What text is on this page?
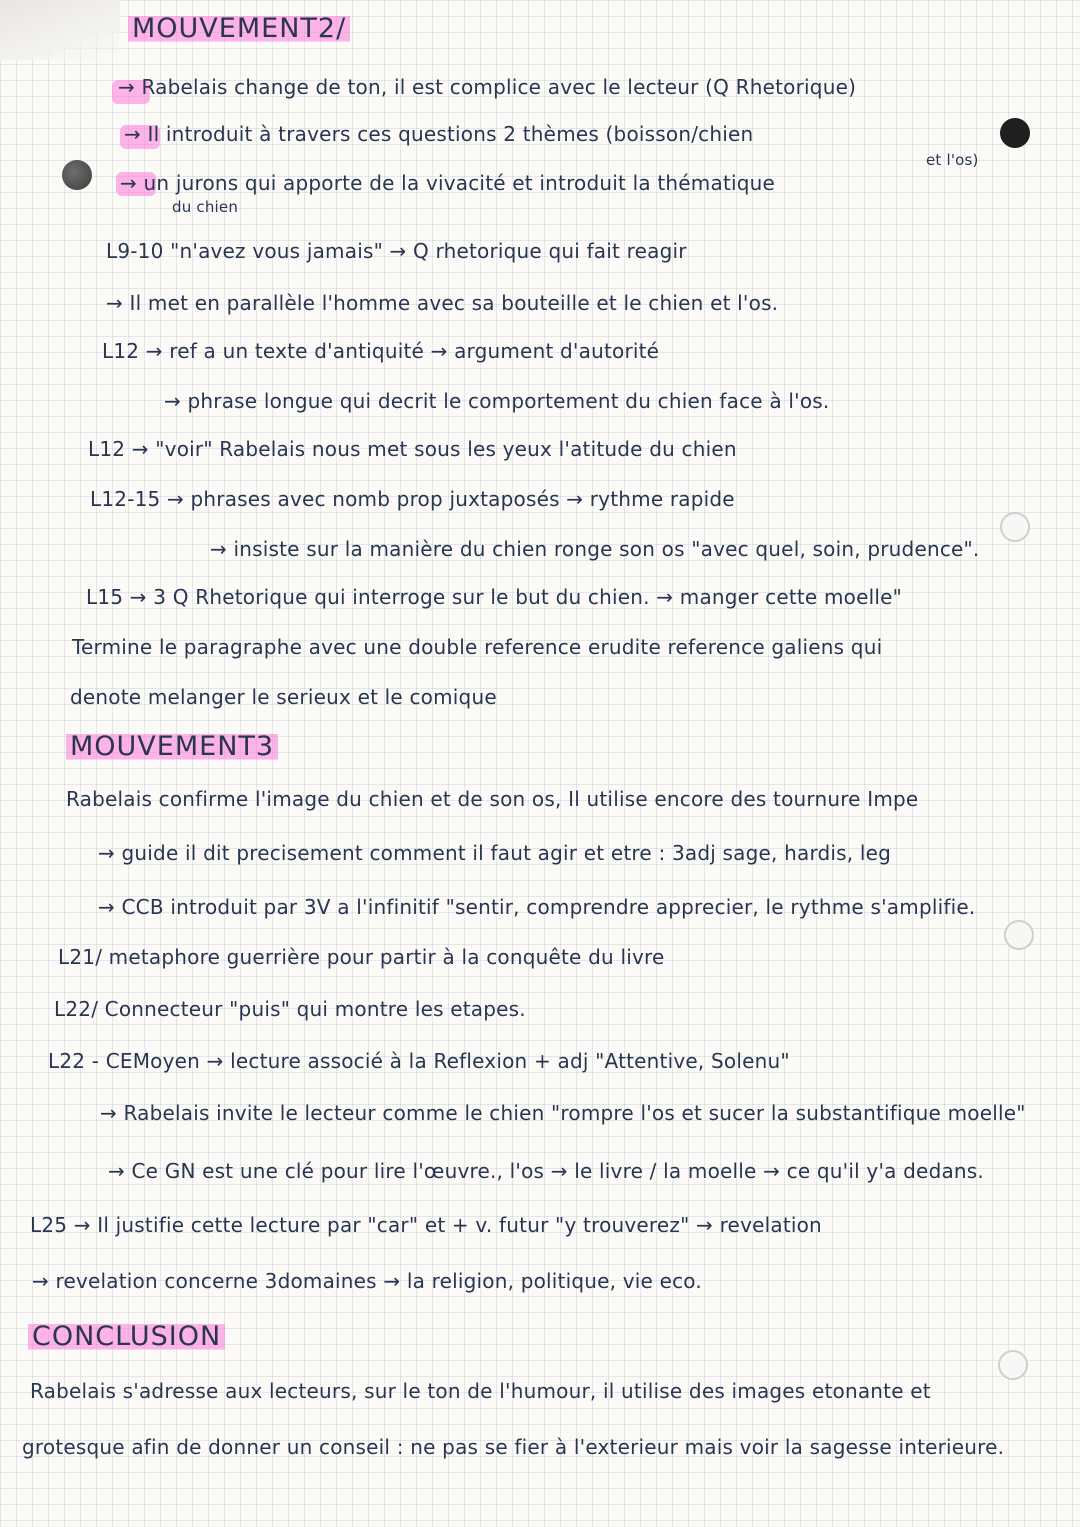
MOUVEMENT2/
→ Rabelais change de ton, il est complice avec le lecteur (Q Rhetorique)
→ Il introduit à travers ces questions 2 thèmes (boisson/chien
et l'os)
→ un jurons qui apporte de la vivacité et introduit la thématique
du chien
L9-10 "n'avez vous jamais" → Q rhetorique qui fait reagir
→ Il met en parallèle l'homme avec sa bouteille et le chien et l'os.
L12 → ref a un texte d'antiquité → argument d'autorité
→ phrase longue qui decrit le comportement du chien face à l'os.
L12 → "voir" Rabelais nous met sous les yeux l'atitude du chien
L12-15 → phrases avec nomb prop juxtaposés → rythme rapide
→ insiste sur la manière du chien ronge son os "avec quel, soin, prudence".
L15 → 3 Q Rhetorique qui interroge sur le but du chien. → manger cette moelle"
Termine le paragraphe avec une double reference erudite reference galiens qui
denote melanger le serieux et le comique
MOUVEMENT3
Rabelais confirme l'image du chien et de son os, Il utilise encore des tournure Impe
→ guide il dit precisement comment il faut agir et etre : 3adj sage, hardis, leg
→ CCB introduit par 3V a l'infinitif "sentir, comprendre apprecier, le rythme s'amplifie.
L21/ metaphore guerrière pour partir à la conquête du livre
L22/ Connecteur "puis" qui montre les etapes.
L22 - CEMoyen → lecture associé à la Reflexion + adj "Attentive, Solenu"
→ Rabelais invite le lecteur comme le chien "rompre l'os et sucer la substantifique moelle"
→ Ce GN est une clé pour lire l'œuvre., l'os → le livre / la moelle → ce qu'il y'a dedans.
L25 → Il justifie cette lecture par "car" et + v. futur "y trouverez" → revelation
→ revelation concerne 3domaines → la religion, politique, vie eco.
CONCLUSION
Rabelais s'adresse aux lecteurs, sur le ton de l'humour, il utilise des images etonante et
grotesque afin de donner un conseil : ne pas se fier à l'exterieur mais voir la sagesse interieure.
